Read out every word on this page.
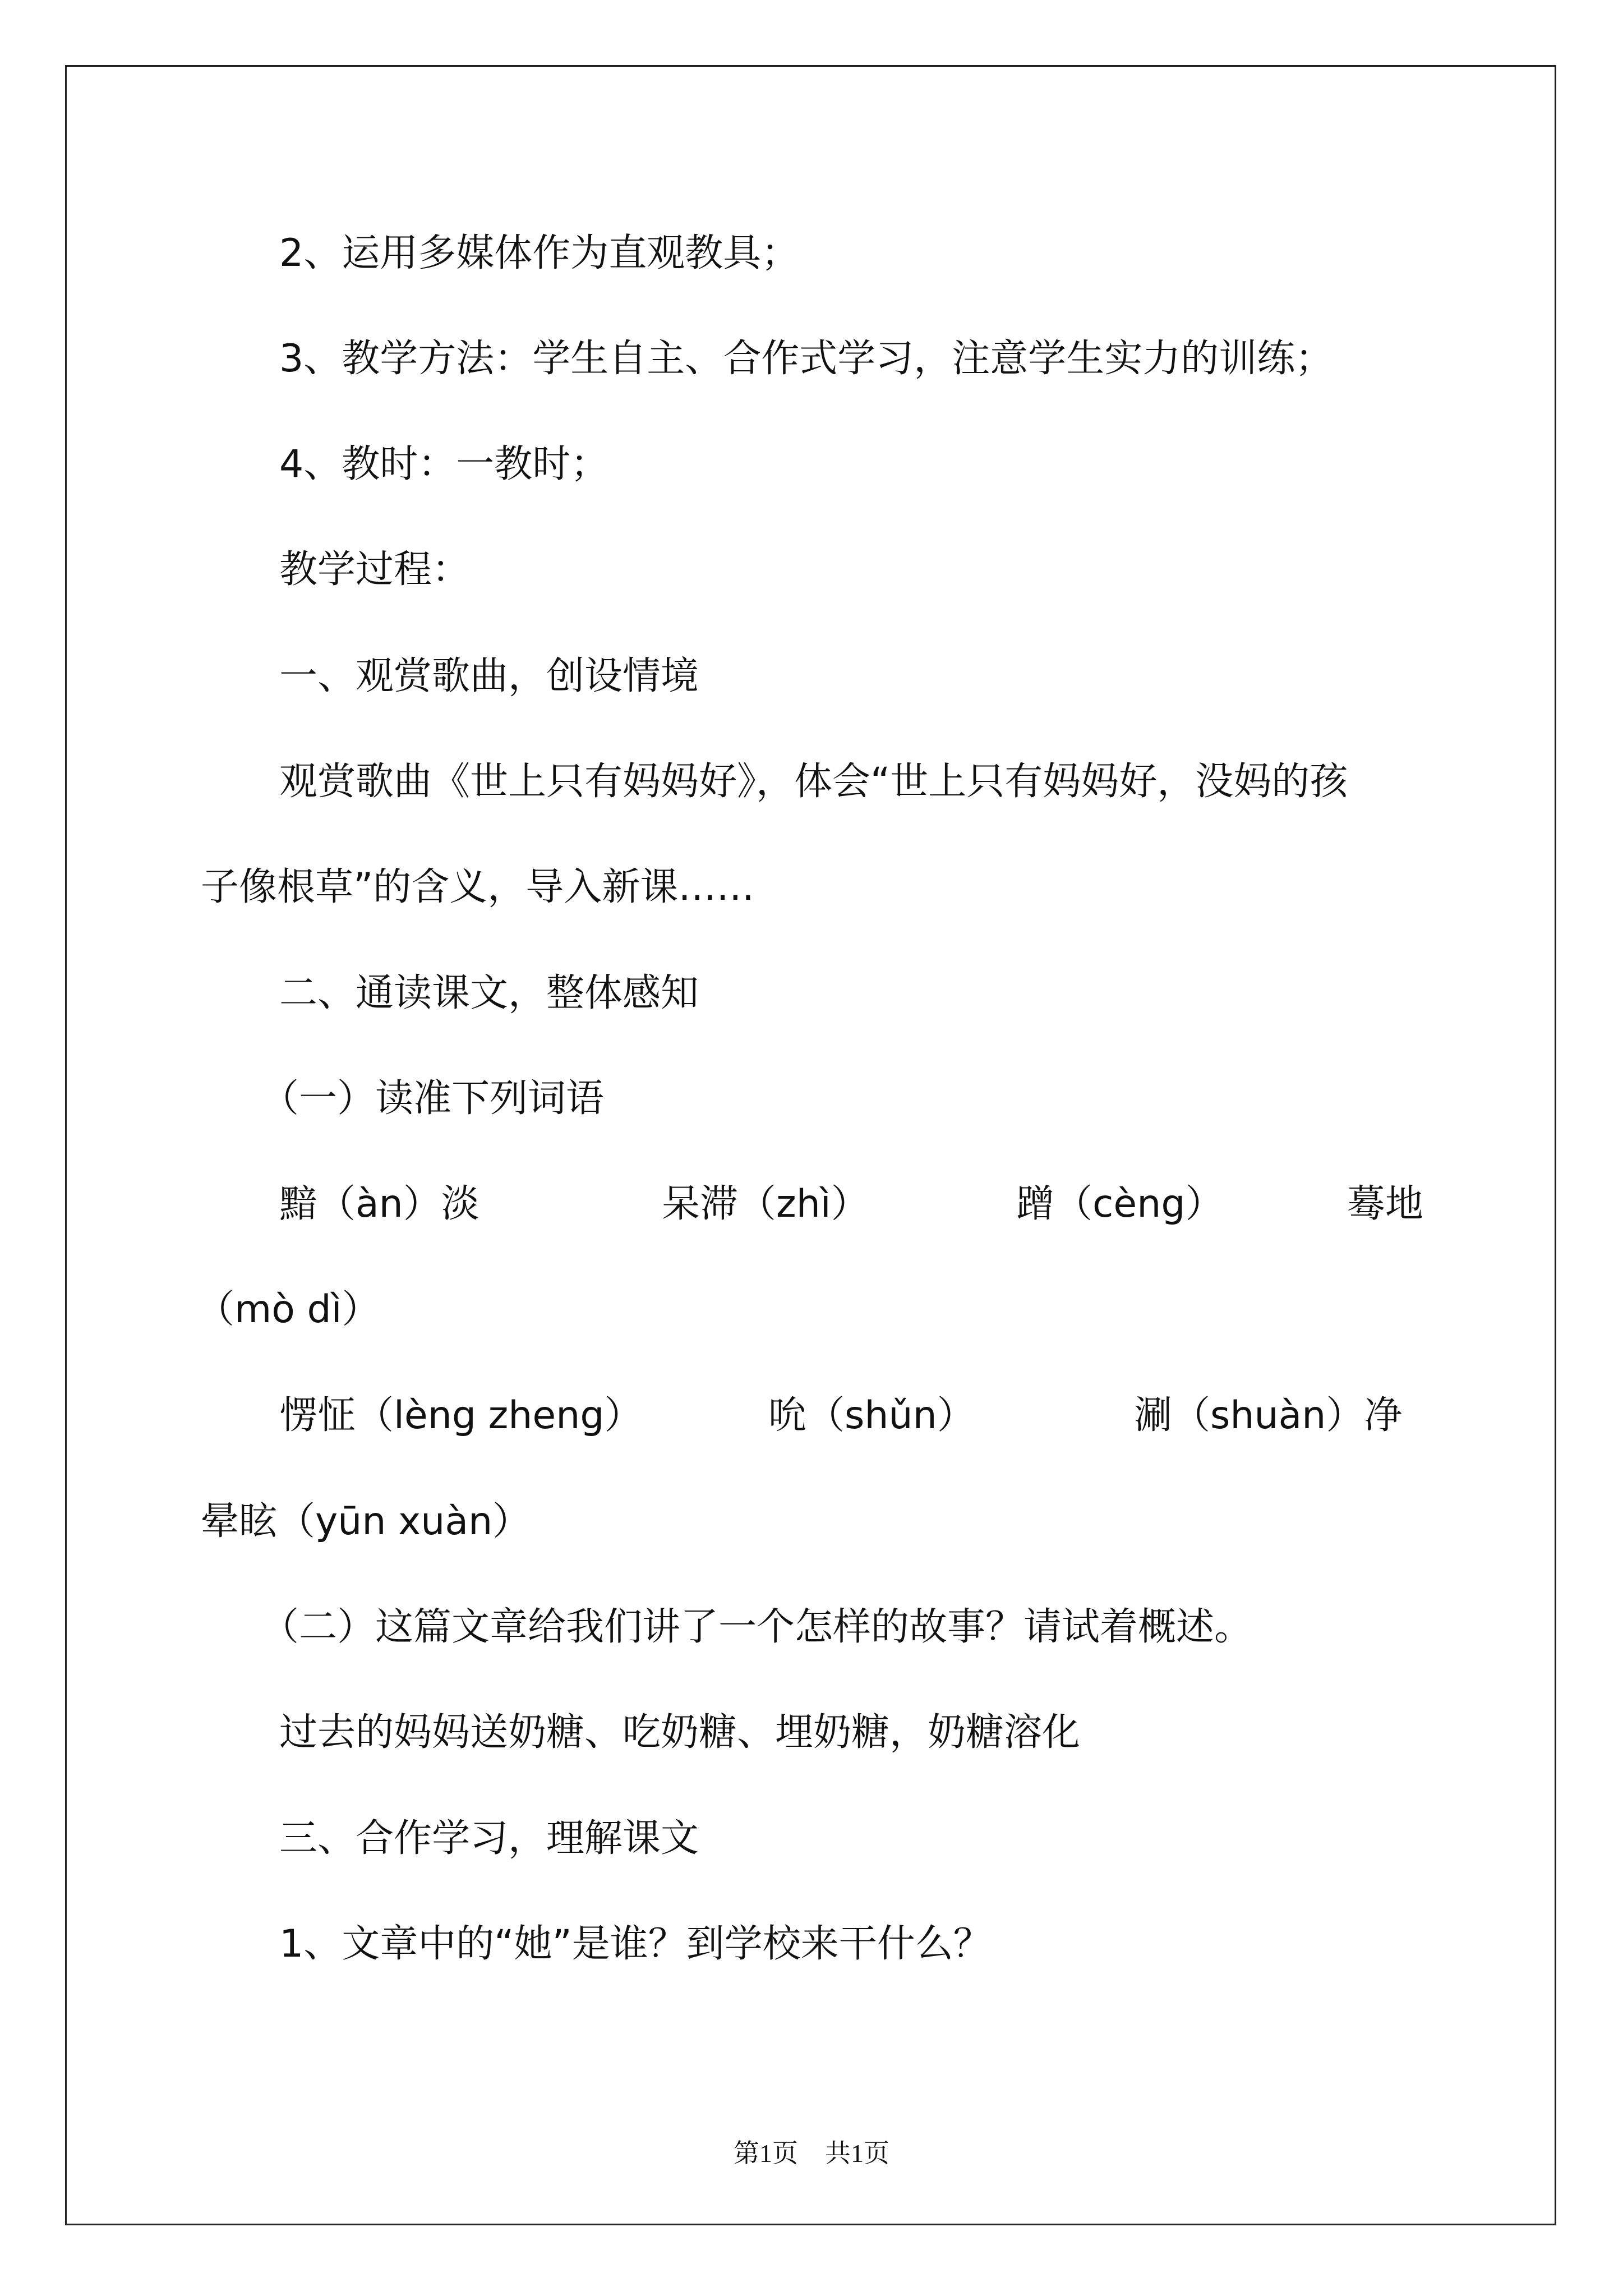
2、运用多媒体作为直观教具；
3、教学方法：学生自主、合作式学习，注意学生实力的训练；
4、教时：一教时；
教学过程：
一、观赏歌曲，创设情境
观赏歌曲《世上只有妈妈好》，体会“世上只有妈妈好，没妈的孩
子像根草”的含义，导入新课……
二、通读课文，整体感知
（一）读准下列词语
黯（àn）淡	呆滞（zhì）	蹭（cèng）	蓦地
（mò dì）
愣怔（lèng zheng）	吮（shǔn）	涮（shuàn）净
晕眩（yūn xuàn）
（二）这篇文章给我们讲了一个怎样的故事？请试着概述。
过去的妈妈送奶糖、吃奶糖、埋奶糖，奶糖溶化
三、合作学习，理解课文
1、文章中的“她”是谁？到学校来干什么？
第1页 共1页
